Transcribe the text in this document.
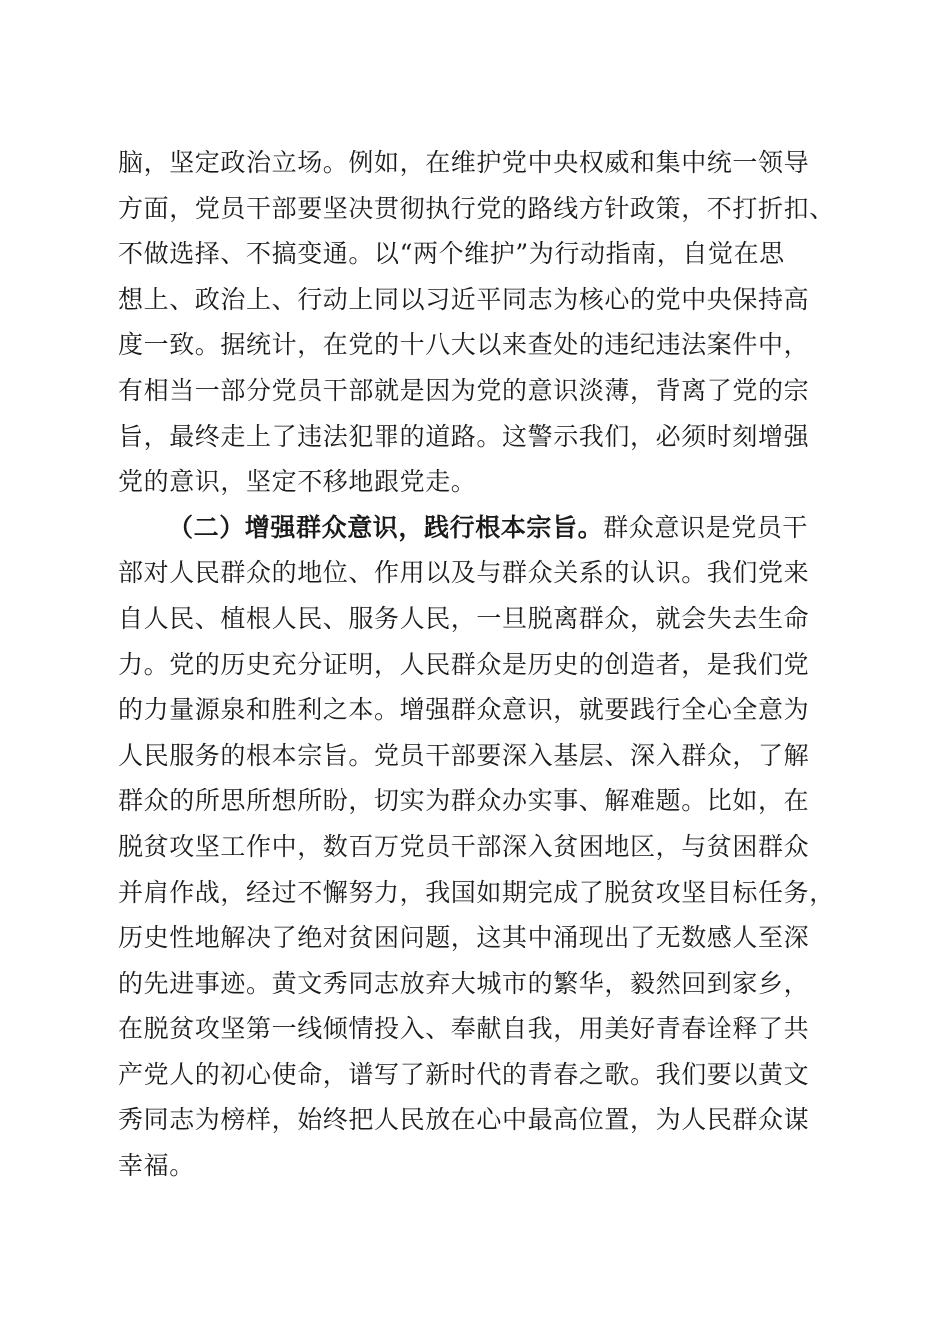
脑，坚定政治立场。例如，在维护党中央权威和集中统一领导
方面，党员干部要坚决贯彻执行党的路线方针政策，不打折扣、
不做选择、不搞变通。以“两个维护”为行动指南，自觉在思
想上、政治上、行动上同以习近平同志为核心的党中央保持高
度一致。据统计，在党的十八大以来查处的违纪违法案件中，
有相当一部分党员干部就是因为党的意识淡薄，背离了党的宗
旨，最终走上了违法犯罪的道路。这警示我们，必须时刻增强
党的意识，坚定不移地跟党走。
（二）增强群众意识，践行根本宗旨。群众意识是党员干
部对人民群众的地位、作用以及与群众关系的认识。我们党来
自人民、植根人民、服务人民，一旦脱离群众，就会失去生命
力。党的历史充分证明，人民群众是历史的创造者，是我们党
的力量源泉和胜利之本。增强群众意识，就要践行全心全意为
人民服务的根本宗旨。党员干部要深入基层、深入群众，了解
群众的所思所想所盼，切实为群众办实事、解难题。比如，在
脱贫攻坚工作中，数百万党员干部深入贫困地区，与贫困群众
并肩作战，经过不懈努力，我国如期完成了脱贫攻坚目标任务，
历史性地解决了绝对贫困问题，这其中涌现出了无数感人至深
的先进事迹。黄文秀同志放弃大城市的繁华，毅然回到家乡，
在脱贫攻坚第一线倾情投入、奉献自我，用美好青春诠释了共
产党人的初心使命，谱写了新时代的青春之歌。我们要以黄文
秀同志为榜样，始终把人民放在心中最高位置，为人民群众谋
幸福。
